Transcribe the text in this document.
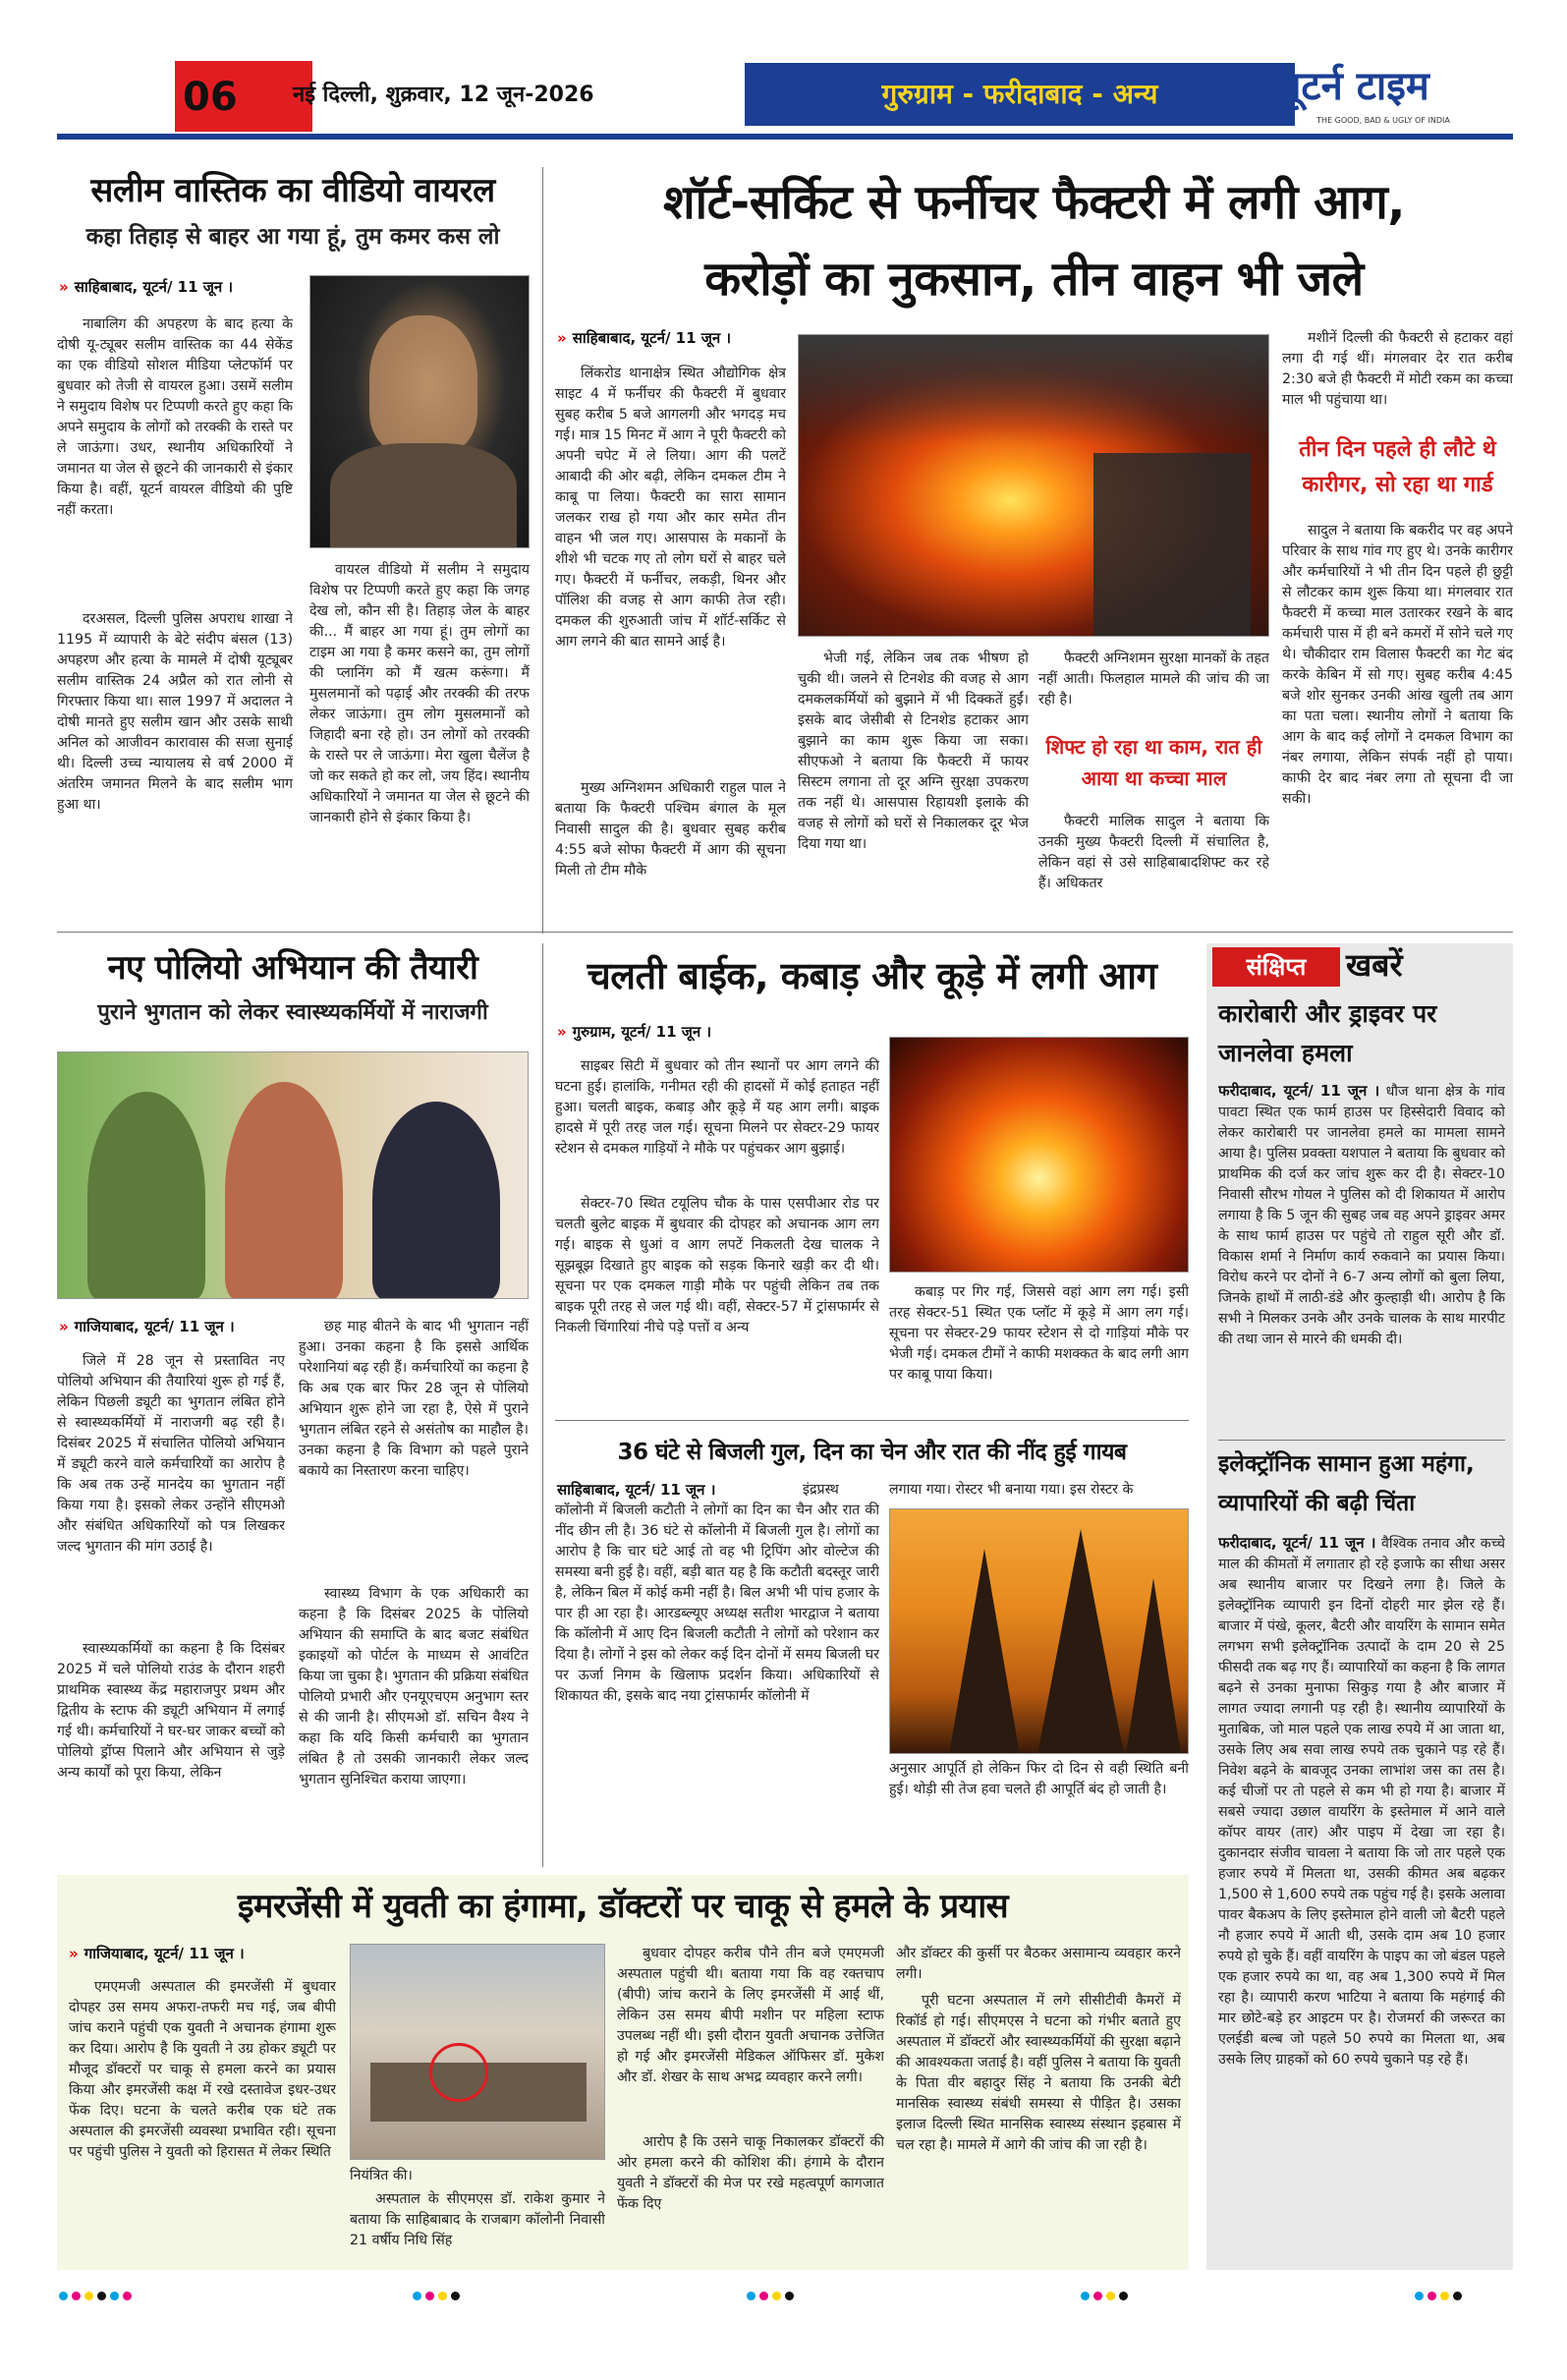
06	नई दिल्ली, शुक्रवार, 12 जून-2026	गुरुग्राम - फरीदाबाद - अन्य	यूटर्न टाइम
THE GOOD, BAD & UGLY OF INDIA
सलीम वास्तिक का वीडियो वायरल
कहा तिहाड़ से बाहर आ गया हूं, तुम कमर कस लो
» साहिबाबाद, यूटर्न/ 11 जून ।

नाबालिग की अपहरण के बाद हत्या के दोषी यू-ट्यूबर सलीम वास्तिक का 44 सेकेंड का एक वीडियो सोशल मीडिया प्लेटफॉर्म पर बुधवार को तेजी से वायरल हुआ। उसमें सलीम ने समुदाय विशेष पर टिप्पणी करते हुए कहा कि अपने समुदाय के लोगों को तरक्की के रास्ते पर ले जाऊंगा। उधर, स्थानीय अधिकारियों ने जमानत या जेल से छूटने की जानकारी से इंकार किया है। वहीं, यूटर्न वायरल वीडियो की पुष्टि नहीं करता।

दरअसल, दिल्ली पुलिस अपराध शाखा ने 1195 में व्यापारी के बेटे संदीप बंसल (13) अपहरण और हत्या के मामले में दोषी यूट्यूबर सलीम वास्तिक 24 अप्रैल को रात लोनी से गिरफ्तार किया था। साल 1997 में अदालत ने दोषी मानते हुए सलीम खान और उसके साथी अनिल को आजीवन कारावास की सजा सुनाई थी। दिल्ली उच्च न्यायालय से वर्ष 2000 में अंतरिम जमानत मिलने के बाद सलीम भाग हुआ था।

वायरल वीडियो में सलीम ने समुदाय विशेष पर टिप्पणी करते हुए कहा कि जगह देख लो, कौन सी है। तिहाड़ जेल के बाहर की... मैं बाहर आ गया हूं। तुम लोगों का टाइम आ गया है कमर कसने का, तुम लोगों की प्लानिंग को मैं खत्म करूंगा। मैं मुसलमानों को पढ़ाई और तरक्की की तरफ लेकर जाऊंगा। तुम लोग मुसलमानों को जिहादी बना रहे हो। उन लोगों को तरक्की के रास्ते पर ले जाऊंगा। मेरा खुला चैलेंज है जो कर सकते हो कर लो, जय हिंद। स्थानीय अधिकारियों ने जमानत या जेल से छूटने की जानकारी होने से इंकार किया है।

शॉर्ट-सर्किट से फर्नीचर फैक्टरी में लगी आग,
करोड़ों का नुकसान, तीन वाहन भी जले
» साहिबाबाद, यूटर्न/ 11 जून ।

लिंकरोड थानाक्षेत्र स्थित औद्योगिक क्षेत्र साइट 4 में फर्नीचर की फैक्टरी में बुधवार सुबह करीब 5 बजे आगलगी और भगदड़ मच गई। मात्र 15 मिनट में आग ने पूरी फैक्टरी को अपनी चपेट में ले लिया। आग की पलटें आबादी की ओर बढ़ी, लेकिन दमकल टीम ने काबू पा लिया। फैक्टरी का सारा सामान जलकर राख हो गया और कार समेत तीन वाहन भी जल गए। आसपास के मकानों के शीशे भी चटक गए तो लोग घरों से बाहर चले गए। फैक्टरी में फर्नीचर, लकड़ी, थिनर और पॉलिश की वजह से आग काफी तेज रही। दमकल की शुरुआती जांच में शॉर्ट-सर्किट से आग लगने की बात सामने आई है।

मुख्य अग्निशमन अधिकारी राहुल पाल ने बताया कि फैक्टरी पश्चिम बंगाल के मूल निवासी सादुल की है। बुधवार सुबह करीब 4:55 बजे सोफा फैक्टरी में आग की सूचना मिली तो टीम मौके

भेजी गई, लेकिन जब तक भीषण हो चुकी थी। जलने से टिनशेड की वजह से आग दमकलकर्मियों को बुझाने में भी दिक्कतें हुईं। इसके बाद जेसीबी से टिनशेड हटाकर आग बुझाने का काम शुरू किया जा सका। सीएफओ ने बताया कि फैक्टरी में फायर सिस्टम लगाना तो दूर अग्नि सुरक्षा उपकरण तक नहीं थे। आसपास रिहायशी इलाके की वजह से लोगों को घरों से निकालकर दूर भेज दिया गया था।

फैक्टरी अग्निशमन सुरक्षा मानकों के तहत नहीं आती। फिलहाल मामले की जांच की जा रही है।

शिफ्ट हो रहा था काम, रात ही आया था कच्चा माल

फैक्टरी मालिक सादुल ने बताया कि उनकी मुख्य फैक्टरी दिल्ली में संचालित है, लेकिन वहां से उसे साहिबाबादशिफ्ट कर रहे हैं। अधिकतर

मशीनें दिल्ली की फैक्टरी से हटाकर वहां लगा दी गई थीं। मंगलवार देर रात करीब 2:30 बजे ही फैक्टरी में मोटी रकम का कच्चा माल भी पहुंचाया था।

तीन दिन पहले ही लौटे थे कारीगर, सो रहा था गार्ड

सादुल ने बताया कि बकरीद पर वह अपने परिवार के साथ गांव गए हुए थे। उनके कारीगर और कर्मचारियों ने भी तीन दिन पहले ही छुट्टी से लौटकर काम शुरू किया था। मंगलवार रात फैक्टरी में कच्चा माल उतारकर रखने के बाद कर्मचारी पास में ही बने कमरों में सोने चले गए थे। चौकीदार राम विलास फैक्टरी का गेट बंद करके केबिन में सो गए। सुबह करीब 4:45 बजे शोर सुनकर उनकी आंख खुली तब आग का पता चला। स्थानीय लोगों ने बताया कि आग के बाद कई लोगों ने दमकल विभाग का नंबर लगाया, लेकिन संपर्क नहीं हो पाया। काफी देर बाद नंबर लगा तो सूचना दी जा सकी।

नए पोलियो अभियान की तैयारी
पुराने भुगतान को लेकर स्वास्थ्यकर्मियों में नाराजगी
» गाजियाबाद, यूटर्न/ 11 जून ।

जिले में 28 जून से प्रस्तावित नए पोलियो अभियान की तैयारियां शुरू हो गई हैं, लेकिन पिछली ड्यूटी का भुगतान लंबित होने से स्वास्थ्यकर्मियों में नाराजगी बढ़ रही है। दिसंबर 2025 में संचालित पोलियो अभियान में ड्यूटी करने वाले कर्मचारियों का आरोप है कि अब तक उन्हें मानदेय का भुगतान नहीं किया गया है। इसको लेकर उन्होंने सीएमओ और संबंधित अधिकारियों को पत्र लिखकर जल्द भुगतान की मांग उठाई है।

स्वास्थ्यकर्मियों का कहना है कि दिसंबर 2025 में चले पोलियो राउंड के दौरान शहरी प्राथमिक स्वास्थ्य केंद्र महाराजपुर प्रथम और द्वितीय के स्टाफ की ड्यूटी अभियान में लगाई गई थी। कर्मचारियों ने घर-घर जाकर बच्चों को पोलियो ड्रॉप्स पिलाने और अभियान से जुड़े अन्य कार्यों को पूरा किया, लेकिन

छह माह बीतने के बाद भी भुगतान नहीं हुआ। उनका कहना है कि इससे आर्थिक परेशानियां बढ़ रही हैं। कर्मचारियों का कहना है कि अब एक बार फिर 28 जून से पोलियो अभियान शुरू होने जा रहा है, ऐसे में पुराने भुगतान लंबित रहने से असंतोष का माहौल है। उनका कहना है कि विभाग को पहले पुराने बकाये का निस्तारण करना चाहिए।

स्वास्थ्य विभाग के एक अधिकारी का कहना है कि दिसंबर 2025 के पोलियो अभियान की समाप्ति के बाद बजट संबंधित इकाइयों को पोर्टल के माध्यम से आवंटित किया जा चुका है। भुगतान की प्रक्रिया संबंधित पोलियो प्रभारी और एनयूएचएम अनुभाग स्तर से की जानी है। सीएमओ डॉ. सचिन वैश्य ने कहा कि यदि किसी कर्मचारी का भुगतान लंबित है तो उसकी जानकारी लेकर जल्द भुगतान सुनिश्चित कराया जाएगा।

चलती बाईक, कबाड़ और कूड़े में लगी आग
» गुरुग्राम, यूटर्न/ 11 जून ।

साइबर सिटी में बुधवार को तीन स्थानों पर आग लगने की घटना हुई। हालांकि, गनीमत रही की हादसों में कोई हताहत नहीं हुआ। चलती बाइक, कबाड़ और कूड़े में यह आग लगी। बाइक हादसे में पूरी तरह जल गई। सूचना मिलने पर सेक्टर-29 फायर स्टेशन से दमकल गाड़ियों ने मौके पर पहुंचकर आग बुझाई।

सेक्टर-70 स्थित टयूलिप चौक के पास एसपीआर रोड पर चलती बुलेट बाइक में बुधवार की दोपहर को अचानक आग लग गई। बाइक से धुआं व आग लपटें निकलती देख चालक ने सूझबूझ दिखाते हुए बाइक को सड़क किनारे खड़ी कर दी थी। सूचना पर एक दमकल गाड़ी मौके पर पहुंची लेकिन तब तक बाइक पूरी तरह से जल गई थी। वहीं, सेक्टर-57 में ट्रांसफार्मर से निकली चिंगारियां नीचे पड़े पत्तों व अन्य

कबाड़ पर गिर गई, जिससे वहां आग लग गई। इसी तरह सेक्टर-51 स्थित एक प्लॉट में कूड़े में आग लग गई। सूचना पर सेक्टर-29 फायर स्टेशन से दो गाड़ियां मौके पर भेजी गई। दमकल टीमों ने काफी मशक्कत के बाद लगी आग पर काबू पाया किया।

36 घंटे से बिजली गुल, दिन का चेन और रात की नींद हुई गायब
साहिबाबाद, यूटर्न/ 11 जून ।	इंद्रप्रस्थ कॉलोनी में बिजली कटौती ने लोगों का दिन का चैन और रात की नींद छीन ली है। 36 घंटे से कॉलोनी में बिजली गुल है। लोगों का आरोप है कि चार घंटे आई तो वह भी ट्रिपिंग ओर वोल्टेज की समस्या बनी हुई है। वहीं, बड़ी बात यह है कि कटौती बदस्तूर जारी है, लेकिन बिल में कोई कमी नहीं है। बिल अभी भी पांच हजार के पार ही आ रहा है। आरडब्ल्यूए अध्यक्ष सतीश भारद्वाज ने बताया कि कॉलोनी में आए दिन बिजली कटौती ने लोगों को परेशान कर दिया है। लोगों ने इस को लेकर कई दिन दोनों में समय बिजली घर पर ऊर्जा निगम के खिलाफ प्रदर्शन किया। अधिकारियों से शिकायत की, इसके बाद नया ट्रांसफार्मर कॉलोनी में

लगाया गया। रोस्टर भी बनाया गया। इस रोस्टर के

अनुसार आपूर्ति हो लेकिन फिर दो दिन से वही स्थिति बनी हुई। थोड़ी सी तेज हवा चलते ही आपूर्ति बंद हो जाती है।

संक्षिप्त	खबरें
कारोबारी और ड्राइवर पर जानलेवा हमला
फरीदाबाद, यूटर्न/ 11 जून । धौज थाना क्षेत्र के गांव पावटा स्थित एक फार्म हाउस पर हिस्सेदारी विवाद को लेकर कारोबारी पर जानलेवा हमले का मामला सामने आया है। पुलिस प्रवक्ता यशपाल ने बताया कि बुधवार को प्राथमिक की दर्ज कर जांच शुरू कर दी है। सेक्टर-10 निवासी सौरभ गोयल ने पुलिस को दी शिकायत में आरोप लगाया है कि 5 जून की सुबह जब वह अपने ड्राइवर अमर के साथ फार्म हाउस पर पहुंचे तो राहुल सूरी और डॉ. विकास शर्मा ने निर्माण कार्य रुकवाने का प्रयास किया। विरोध करने पर दोनों ने 6-7 अन्य लोगों को बुला लिया, जिनके हाथों में लाठी-डंडे और कुल्हाड़ी थी। आरोप है कि सभी ने मिलकर उनके और उनके चालक के साथ मारपीट की तथा जान से मारने की धमकी दी।
इलेक्ट्रॉनिक सामान हुआ महंगा, व्यापारियों की बढ़ी चिंता
फरीदाबाद, यूटर्न/ 11 जून । वैश्विक तनाव और कच्चे माल की कीमतों में लगातार हो रहे इजाफे का सीधा असर अब स्थानीय बाजार पर दिखने लगा है। जिले के इलेक्ट्रॉनिक व्यापारी इन दिनों दोहरी मार झेल रहे हैं। बाजार में पंखे, कूलर, बैटरी और वायरिंग के सामान समेत लगभग सभी इलेक्ट्रॉनिक उत्पादों के दाम 20 से 25 फीसदी तक बढ़ गए हैं। व्यापारियों का कहना है कि लागत बढ़ने से उनका मुनाफा सिकुड़ गया है और बाजार में लागत ज्यादा लगानी पड़ रही है। स्थानीय व्यापारियों के मुताबिक, जो माल पहले एक लाख रुपये में आ जाता था, उसके लिए अब सवा लाख रुपये तक चुकाने पड़ रहे हैं। निवेश बढ़ने के बावजूद उनका लाभांश जस का तस है। कई चीजों पर तो पहले से कम भी हो गया है। बाजार में सबसे ज्यादा उछाल वायरिंग के इस्तेमाल में आने वाले कॉपर वायर (तार) और पाइप में देखा जा रहा है। दुकानदार संजीव चावला ने बताया कि जो तार पहले एक हजार रुपये में मिलता था, उसकी कीमत अब बढ़कर 1,500 से 1,600 रुपये तक पहुंच गई है। इसके अलावा पावर बैकअप के लिए इस्तेमाल होने वाली जो बैटरी पहले नौ हजार रुपये में आती थी, उसके दाम अब 10 हजार रुपये हो चुके हैं। वहीं वायरिंग के पाइप का जो बंडल पहले एक हजार रुपये का था, वह अब 1,300 रुपये में मिल रहा है। व्यापारी करण भाटिया ने बताया कि महंगाई की मार छोटे-बड़े हर आइटम पर है। रोजमर्रा की जरूरत का एलईडी बल्ब जो पहले 50 रुपये का मिलता था, अब उसके लिए ग्राहकों को 60 रुपये चुकाने पड़ रहे हैं।
इमरजेंसी में युवती का हंगामा, डॉक्टरों पर चाकू से हमले के प्रयास
» गाजियाबाद, यूटर्न/ 11 जून ।

एमएमजी अस्पताल की इमरजेंसी में बुधवार दोपहर उस समय अफरा-तफरी मच गई, जब बीपी जांच कराने पहुंची एक युवती ने अचानक हंगामा शुरू कर दिया। आरोप है कि युवती ने उग्र होकर ड्यूटी पर मौजूद डॉक्टरों पर चाकू से हमला करने का प्रयास किया और इमरजेंसी कक्ष में रखे दस्तावेज इधर-उधर फेंक दिए। घटना के चलते करीब एक घंटे तक अस्पताल की इमरजेंसी व्यवस्था प्रभावित रही। सूचना पर पहुंची पुलिस ने युवती को हिरासत में लेकर स्थिति

नियंत्रित की।

अस्पताल के सीएमएस डॉ. राकेश कुमार ने बताया कि साहिबाबाद के राजबाग कॉलोनी निवासी 21 वर्षीय निधि सिंह

बुधवार दोपहर करीब पौने तीन बजे एमएमजी अस्पताल पहुंची थी। बताया गया कि वह रक्तचाप (बीपी) जांच कराने के लिए इमरजेंसी में आई थीं, लेकिन उस समय बीपी मशीन पर महिला स्टाफ उपलब्ध नहीं थी। इसी दौरान युवती अचानक उत्तेजित हो गई और इमरजेंसी मेडिकल ऑफिसर डॉ. मुकेश और डॉ. शेखर के साथ अभद्र व्यवहार करने लगी।

आरोप है कि उसने चाकू निकालकर डॉक्टरों की ओर हमला करने की कोशिश की। हंगामे के दौरान युवती ने डॉक्टरों की मेज पर रखे महत्वपूर्ण कागजात फेंक दिए

और डॉक्टर की कुर्सी पर बैठकर असामान्य व्यवहार करने लगी।

पूरी घटना अस्पताल में लगे सीसीटीवी कैमरों में रिकॉर्ड हो गई। सीएमएस ने घटना को गंभीर बताते हुए अस्पताल में डॉक्टरों और स्वास्थ्यकर्मियों की सुरक्षा बढ़ाने की आवश्यकता जताई है। वहीं पुलिस ने बताया कि युवती के पिता वीर बहादुर सिंह ने बताया कि उनकी बेटी मानसिक स्वास्थ्य संबंधी समस्या से पीड़ित है। उसका इलाज दिल्ली स्थित मानसिक स्वास्थ्य संस्थान इहबास में चल रहा है। मामले में आगे की जांच की जा रही है।
